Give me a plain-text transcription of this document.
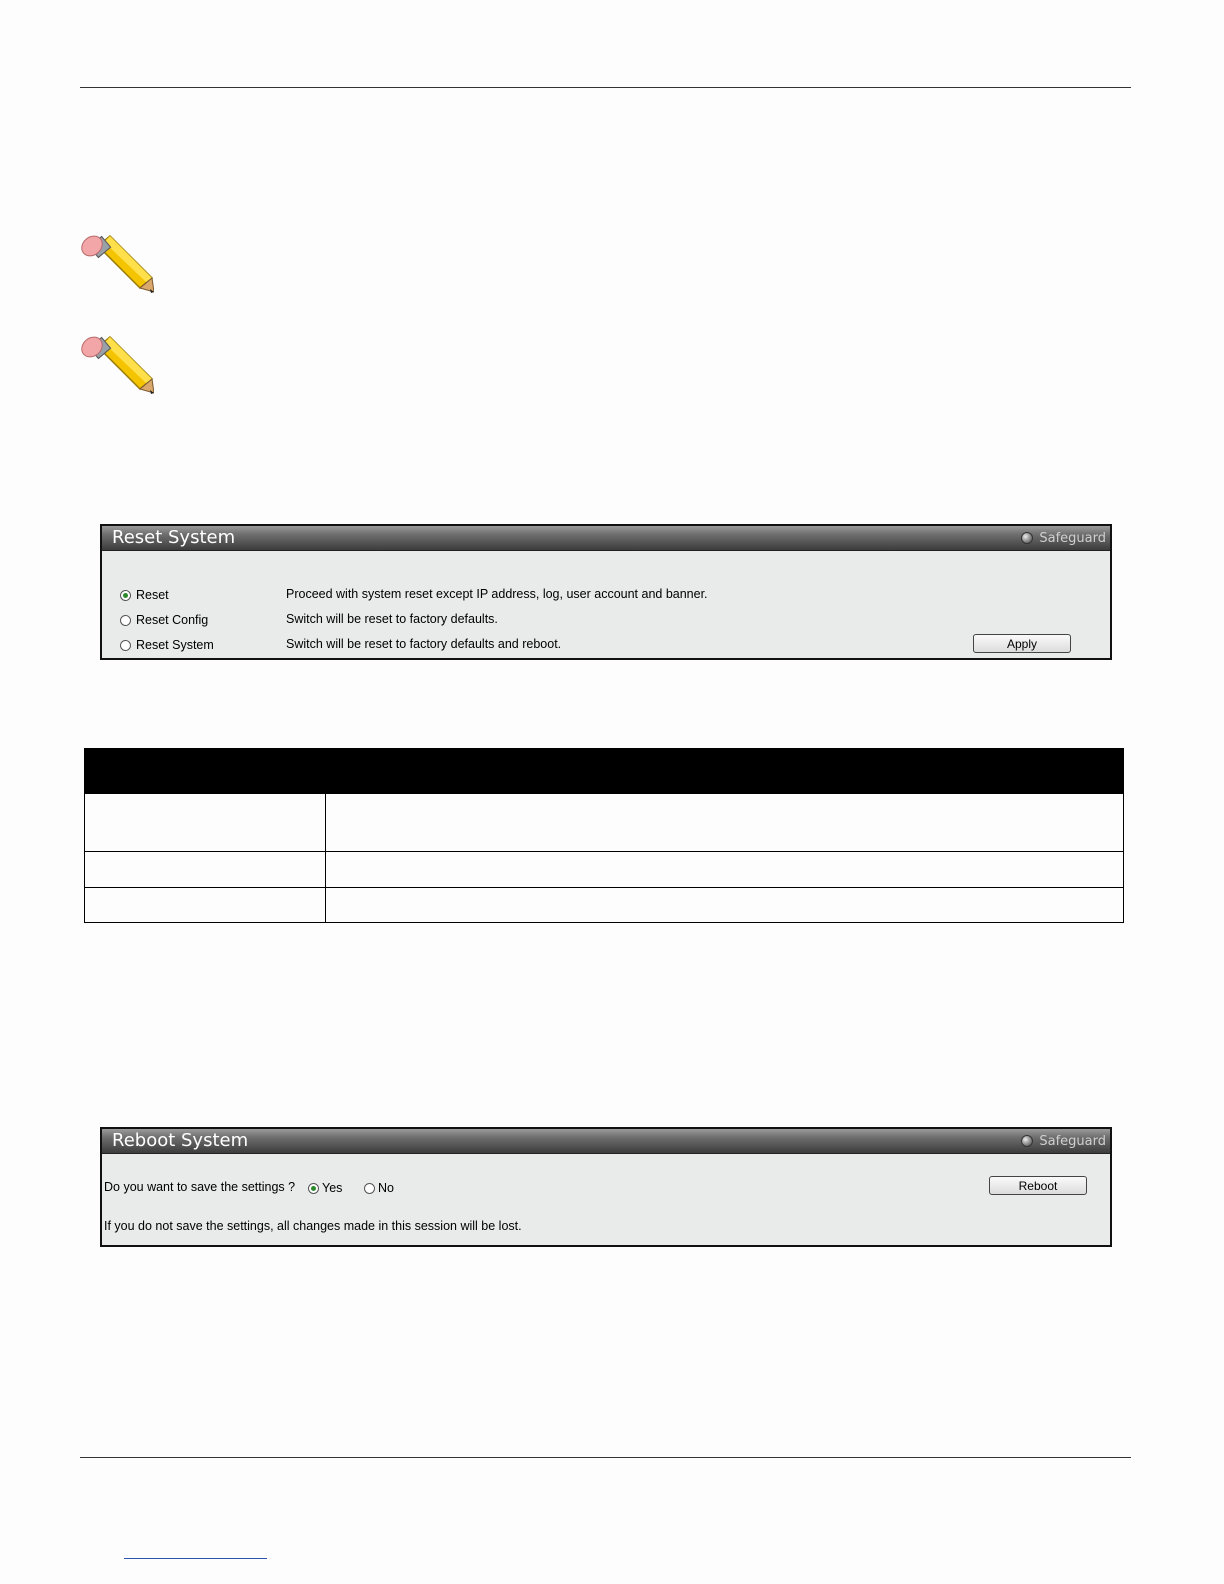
Reset System	Safeguard
Reset	Proceed with system reset except IP address, log, user account and banner.
Reset Config	Switch will be reset to factory defaults.
Reset System	Switch will be reset to factory defaults and reboot.	Apply

Reboot System	Safeguard
Do you want to save the settings ? Yes	No	Reboot
If you do not save the settings, all changes made in this session will be lost.
